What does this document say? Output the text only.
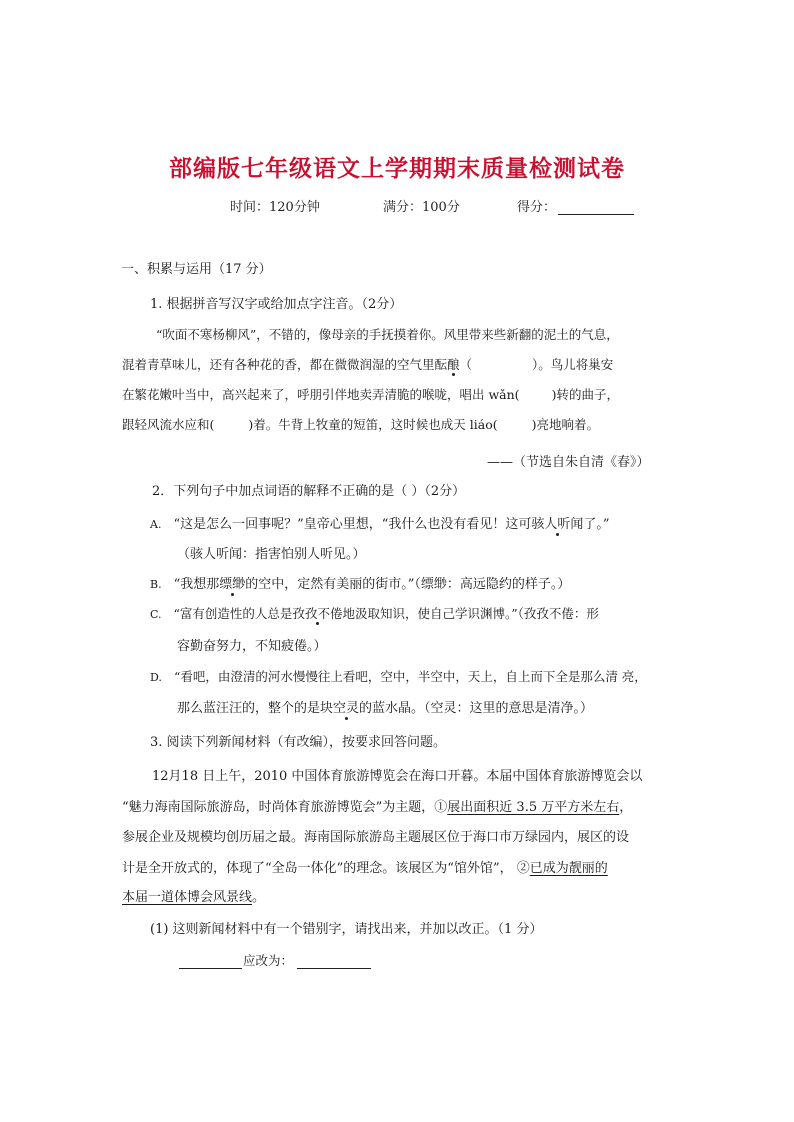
部编版七年级语文上学期期末质量检测试卷
时间：120分钟	满分：100分	得分：
一、积累与运用（17 分）
1. 根据拼音写汉字或给加点字注音。（2分）
“吹面不寒杨柳风”，不错的，像母亲的手抚摸着你。风里带来些新翻的泥土的气息，
混着青草味儿，还有各种花的香，都在微微润湿的空气里酝酿（	）。鸟儿将巢安
在繁花嫩叶当中，高兴起来了，呼朋引伴地卖弄清脆的喉咙，唱出 wǎn(	)转的曲子，
跟轻风流水应和(	)着。牛背上牧童的短笛，这时候也成天 liáo(	)亮地响着。
——（节选自朱自清《春》）
2．下列句子中加点词语的解释不正确的是（ ）（2分）
A. “这是怎么一回事呢？”皇帝心里想，“我什么也没有看见！这可骇人听闻了。”
（骇人听闻：指害怕别人听见。）
B. “我想那缥缈的空中，定然有美丽的街市。”（缥缈：高远隐约的样子。）
C. “富有创造性的人总是孜孜不倦地汲取知识，使自己学识渊博。”（孜孜不倦：形
容勤奋努力，不知疲倦。）
D. “看吧，由澄清的河水慢慢往上看吧，空中，半空中，天上，自上而下全是那么清 亮，
那么蓝汪汪的，整个的是块空灵的蓝水晶。（空灵：这里的意思是清净。）
3. 阅读下列新闻材料（有改编），按要求回答问题。
12月18 日上午，2010 中国体育旅游博览会在海口开暮。本届中国体育旅游博览会以
“魅力海南国际旅游岛，时尚体育旅游博览会”为主题，①展出面积近 3.5 万平方米左右，
参展企业及规模均创历届之最。海南国际旅游岛主题展区位于海口市万绿园内，展区的设
计是全开放式的，体现了“全岛一体化”的理念。该展区为“馆外馆”， ②已成为靓丽的
本届一道体博会风景线。
(1) 这则新闻材料中有一个错别字，请找出来，并加以改正。（1 分）
应改为：
